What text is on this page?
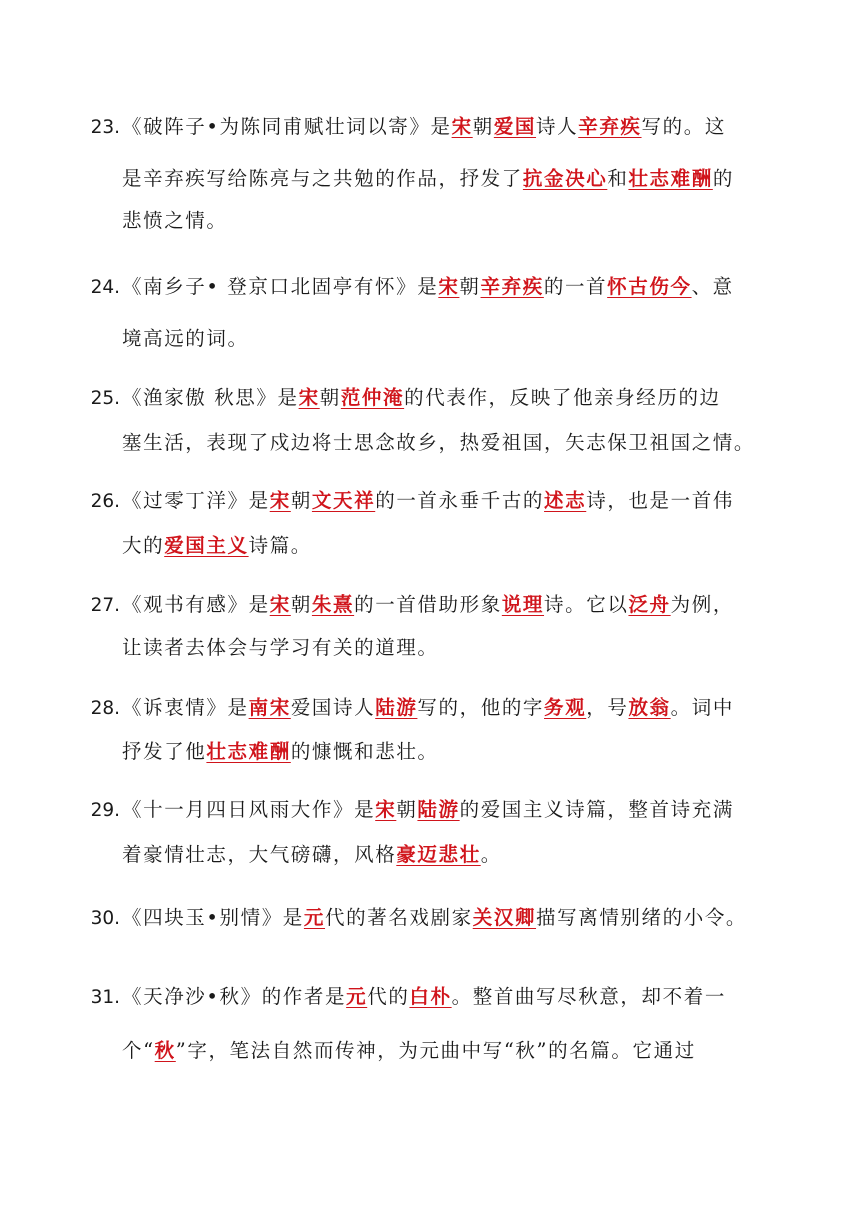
23. 《破阵子•为陈同甫赋壮词以寄》是宋朝爱国诗人辛弃疾写的。这
是辛弃疾写给陈亮与之共勉的作品，抒发了抗金决心和壮志难酬的
悲愤之情。
24. 《南乡子• 登京口北固亭有怀》是宋朝辛弃疾的一首怀古伤今、意
境高远的词。
25. 《渔家傲 秋思》是宋朝范仲淹的代表作，反映了他亲身经历的边
塞生活，表现了戍边将士思念故乡，热爱祖国，矢志保卫祖国之情。
26. 《过零丁洋》是宋朝文天祥的一首永垂千古的述志诗，也是一首伟
大的爱国主义诗篇。
27. 《观书有感》是宋朝朱熹的一首借助形象说理诗。它以泛舟为例，
让读者去体会与学习有关的道理。
28. 《诉衷情》是南宋爱国诗人陆游写的，他的字务观，号放翁。词中
抒发了他壮志难酬的慷慨和悲壮。
29. 《十一月四日风雨大作》是宋朝陆游的爱国主义诗篇，整首诗充满
着豪情壮志，大气磅礴，风格豪迈悲壮。
30. 《四块玉•别情》是元代的著名戏剧家关汉卿描写离情别绪的小令。
31. 《天净沙•秋》的作者是元代的白朴。整首曲写尽秋意，却不着一
个“秋”字，笔法自然而传神，为元曲中写“秋”的名篇。它通过
